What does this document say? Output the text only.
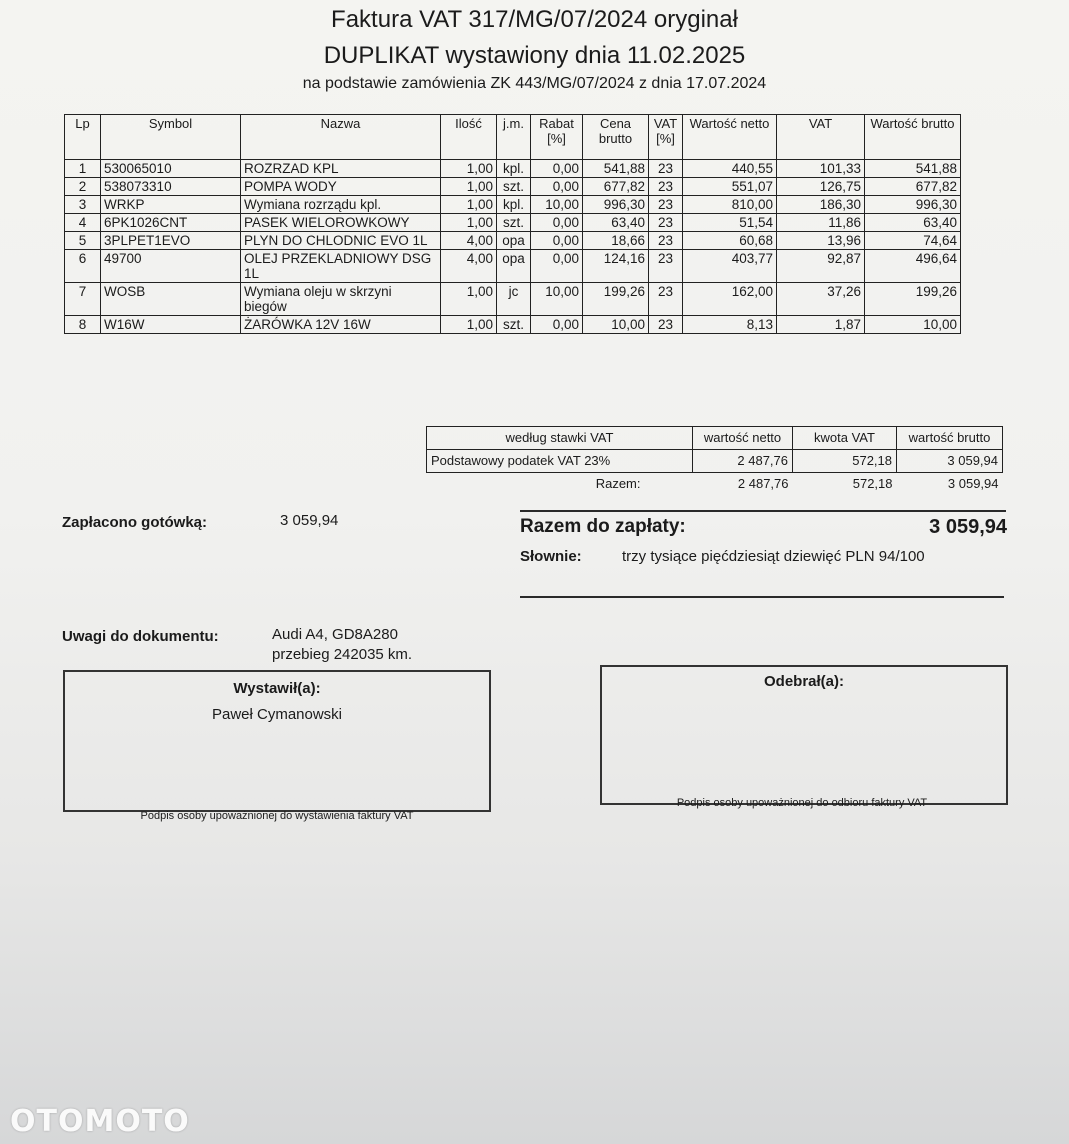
Faktura VAT 317/MG/07/2024 oryginał
DUPLIKAT wystawiony dnia 11.02.2025
na podstawie zamówienia ZK 443/MG/07/2024 z dnia 17.07.2024
Lp	Symbol	Nazwa	Ilość	j.m.	Rabat [%]	Cena brutto	VAT [%]	Wartość netto	VAT	Wartość brutto
1	530065010	ROZRZAD KPL	1,00	kpl.	0,00	541,88	23	440,55	101,33	541,88
2	538073310	POMPA WODY	1,00	szt.	0,00	677,82	23	551,07	126,75	677,82
3	WRKP	Wymiana rozrządu kpl.	1,00	kpl.	10,00	996,30	23	810,00	186,30	996,30
4	6PK1026CNT	PASEK WIELOROWKOWY	1,00	szt.	0,00	63,40	23	51,54	11,86	63,40
5	3PLPET1EVO	PLYN DO CHLODNIC EVO 1L	4,00	opa	0,00	18,66	23	60,68	13,96	74,64
6	49700	OLEJ PRZEKLADNIOWY DSG 1L	4,00	opa	0,00	124,16	23	403,77	92,87	496,64
7	WOSB	Wymiana oleju w skrzyni biegów	1,00	jc	10,00	199,26	23	162,00	37,26	199,26
8	W16W	ŻARÓWKA 12V 16W	1,00	szt.	0,00	10,00	23	8,13	1,87	10,00
według stawki VAT	wartość netto	kwota VAT	wartość brutto
Podstawowy podatek VAT 23%	2 487,76	572,18	3 059,94
Razem:	2 487,76	572,18	3 059,94
Zapłacono gotówką:	3 059,94	Razem do zapłaty:	3 059,94
Słownie:	trzy tysiące pięćdziesiąt dziewięć PLN 94/100
Uwagi do dokumentu:	Audi A4, GD8A280
przebieg 242035 km.
Wystawił(a):
Paweł Cymanowski
Podpis osoby upoważnionej do wystawienia faktury VAT
Odebrał(a):
Podpis osoby upoważnionej do odbioru faktury VAT
OTOMOTO
